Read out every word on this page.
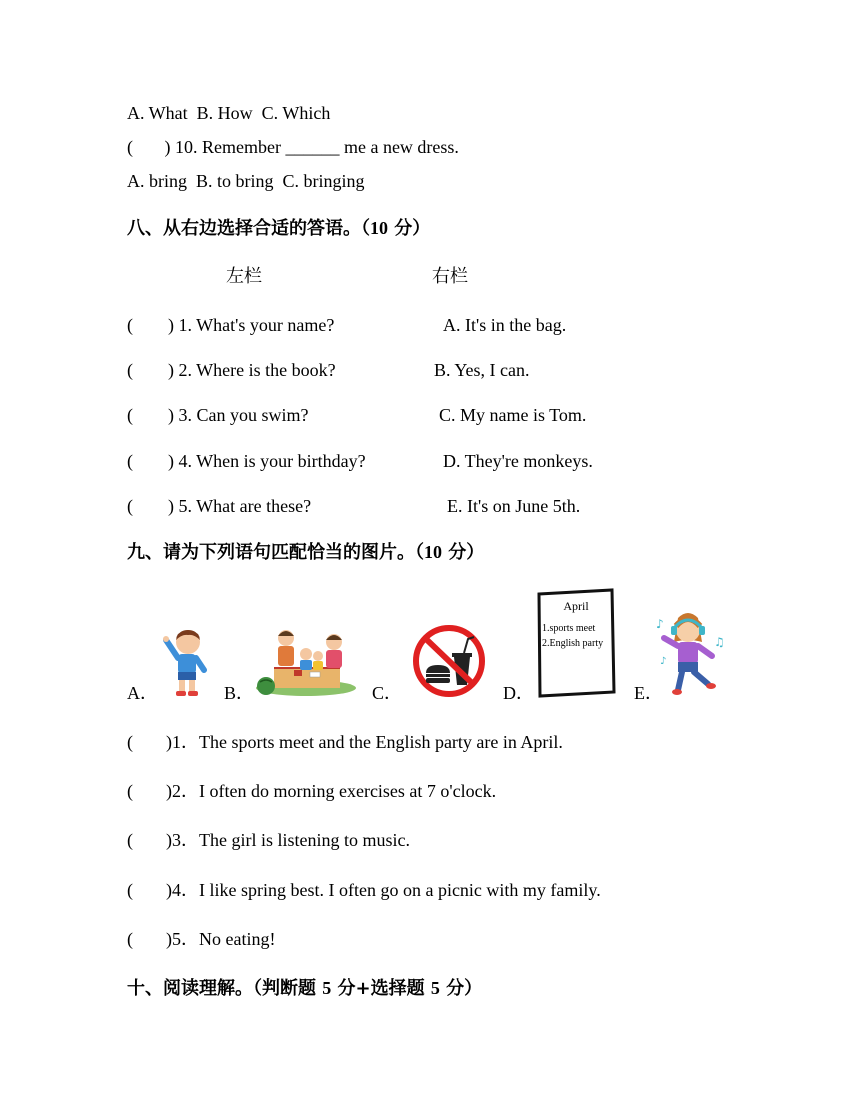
A. What  B. How  C. Which
(       ) 10. Remember ______ me a new dress.
A. bring  B. to bring  C. bringing
八、从右边选择合适的答语。（10 分）
左栏	右栏
( ) 1. What's your name?	A. It's in the bag.
( ) 2. Where is the book?	B. Yes, I can.
( ) 3. Can you swim?	C. My name is Tom.
( ) 4. When is your birthday?	D. They're monkeys.
( ) 5. What are these?	E. It's on June 5th.
九、请为下列语句匹配恰当的图片。（10 分）
A．	B．	C．	D．
April
1.sports meet
2.English party
E．
♪
♫
♪
( )1．The sports meet and the English party are in April.
( )2．I often do morning exercises at 7 o'clock.
( )3．The girl is listening to music.
( )4．I like spring best. I often go on a picnic with my family.
( )5．No eating!
十、阅读理解。（判断题 5 分+选择题 5 分）
